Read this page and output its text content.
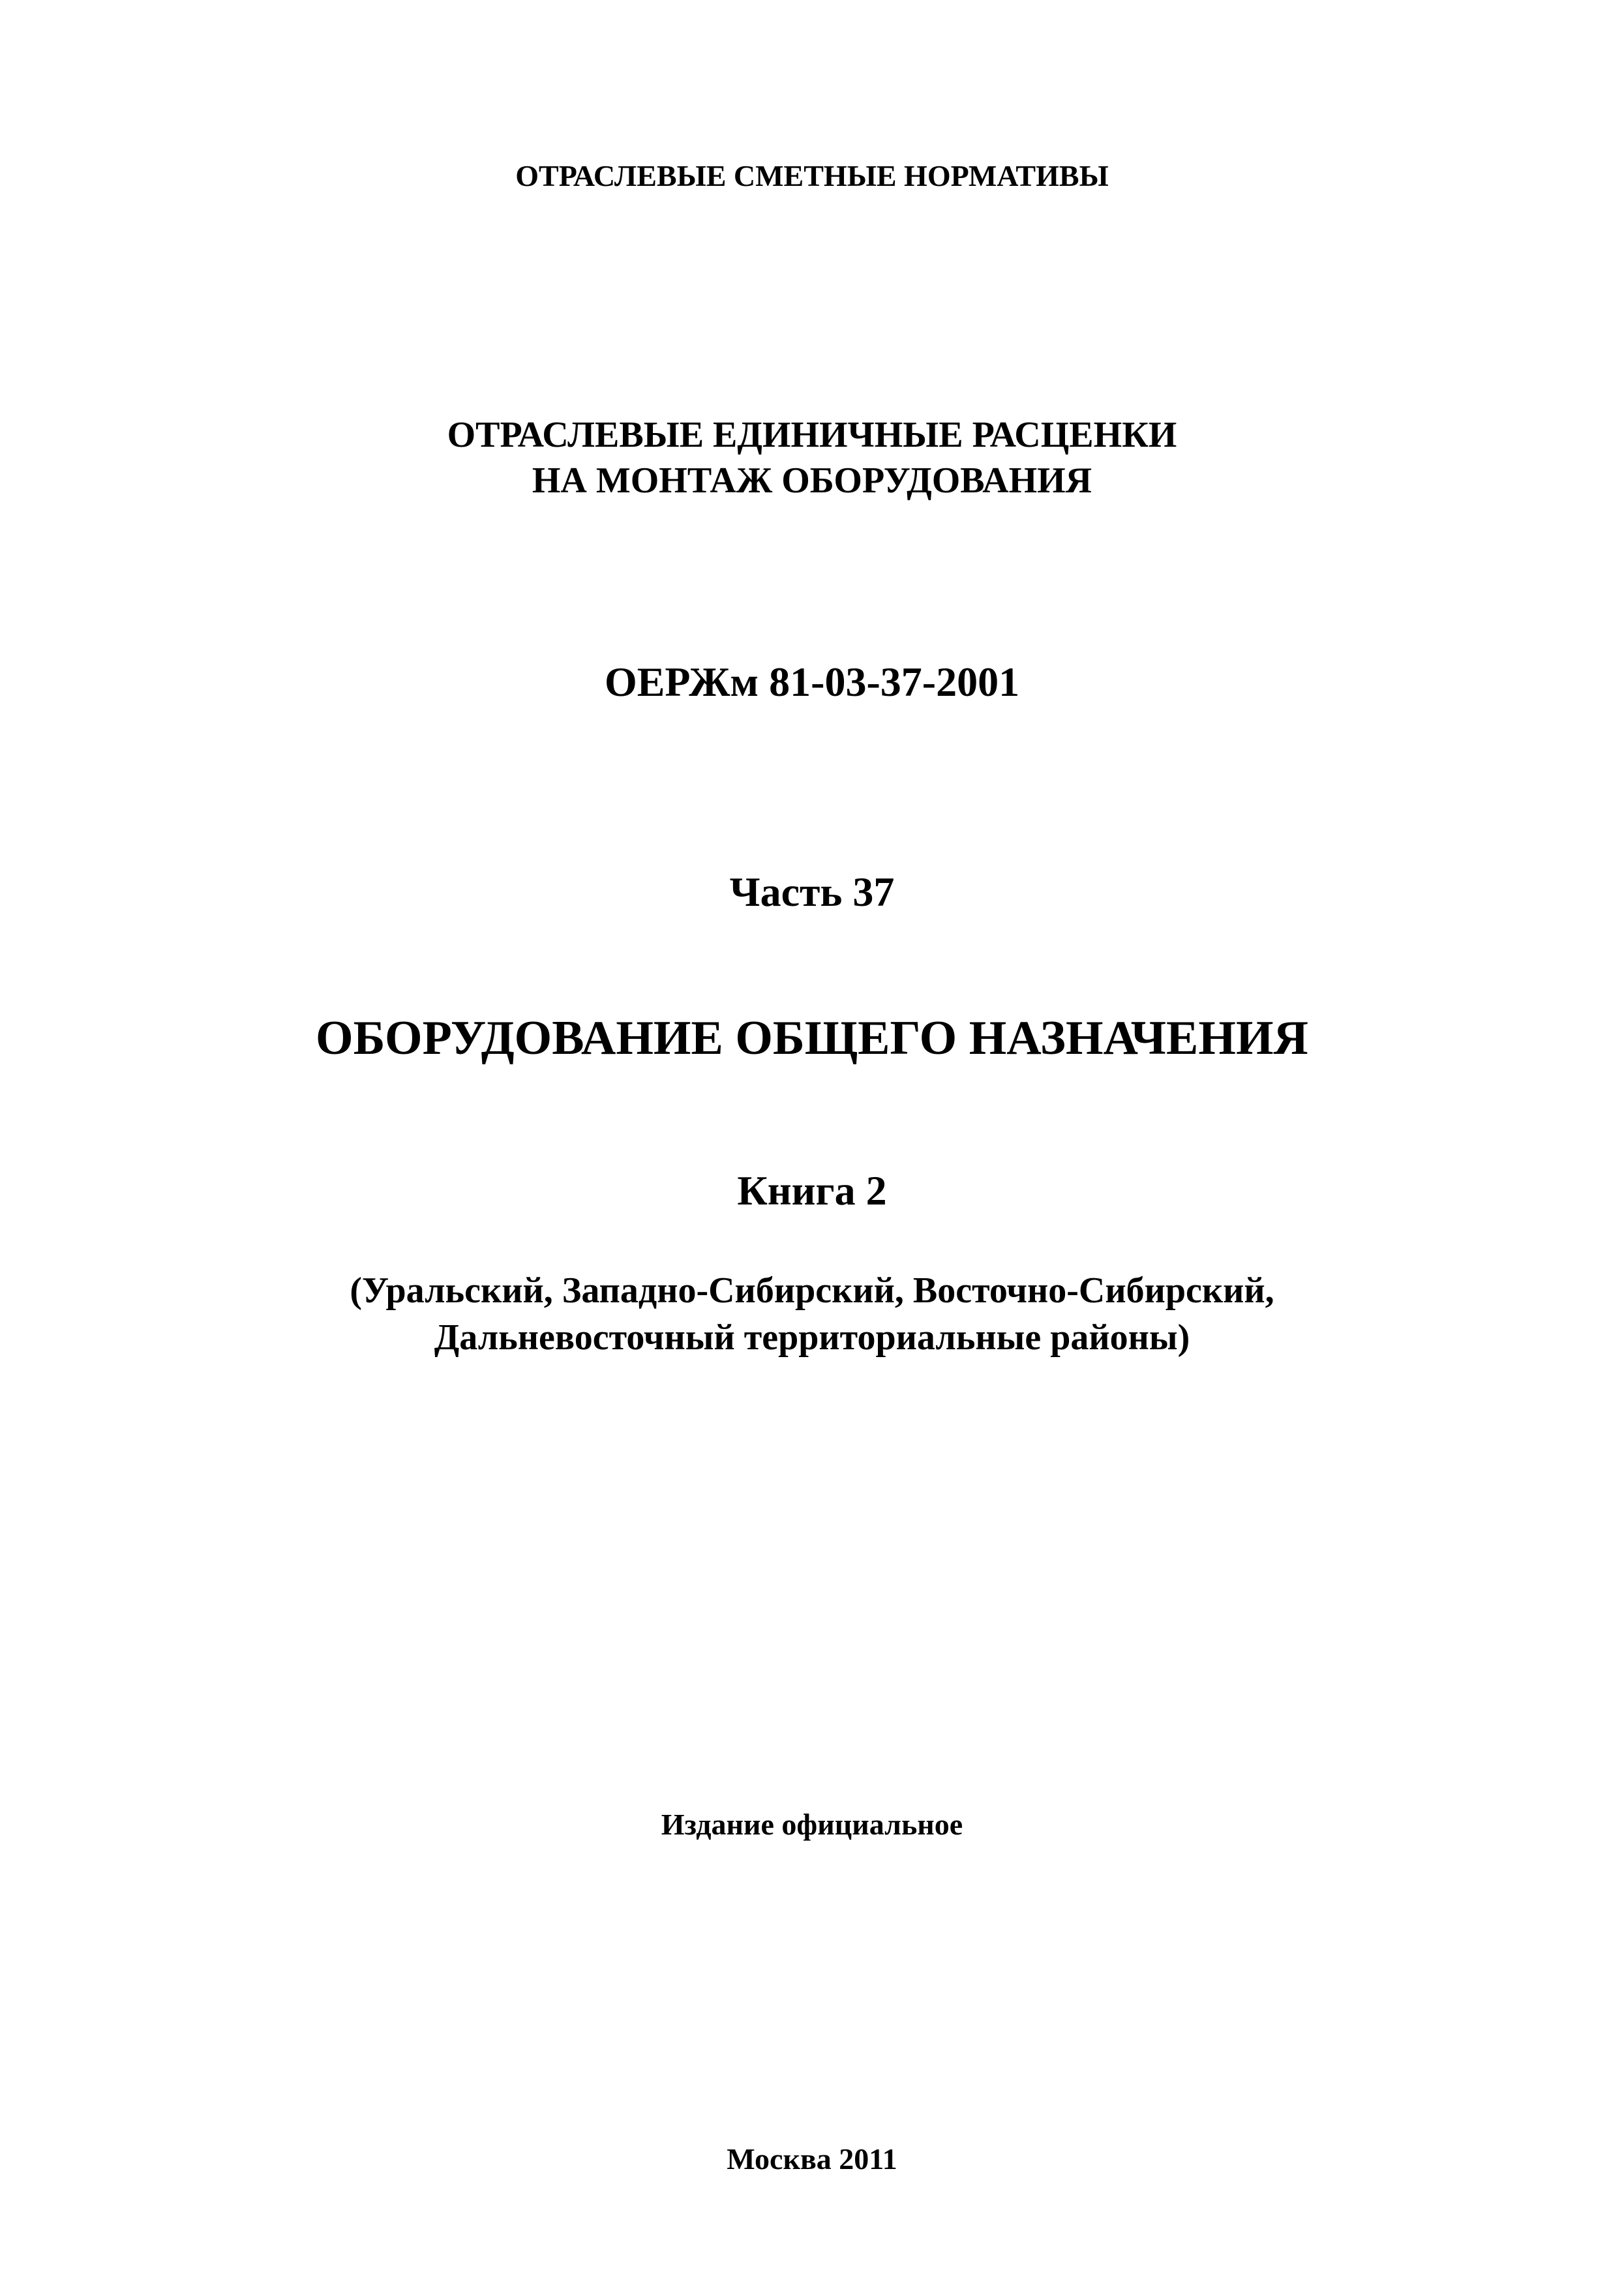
ОТРАСЛЕВЫЕ СМЕТНЫЕ НОРМАТИВЫ
ОТРАСЛЕВЫЕ ЕДИНИЧНЫЕ РАСЦЕНКИ
НА МОНТАЖ ОБОРУДОВАНИЯ
ОЕРЖм 81-03-37-2001
Часть 37
ОБОРУДОВАНИЕ ОБЩЕГО НАЗНАЧЕНИЯ
Книга 2
(Уральский, Западно-Сибирский, Восточно-Сибирский,
Дальневосточный территориальные районы)
Издание официальное
Москва 2011
